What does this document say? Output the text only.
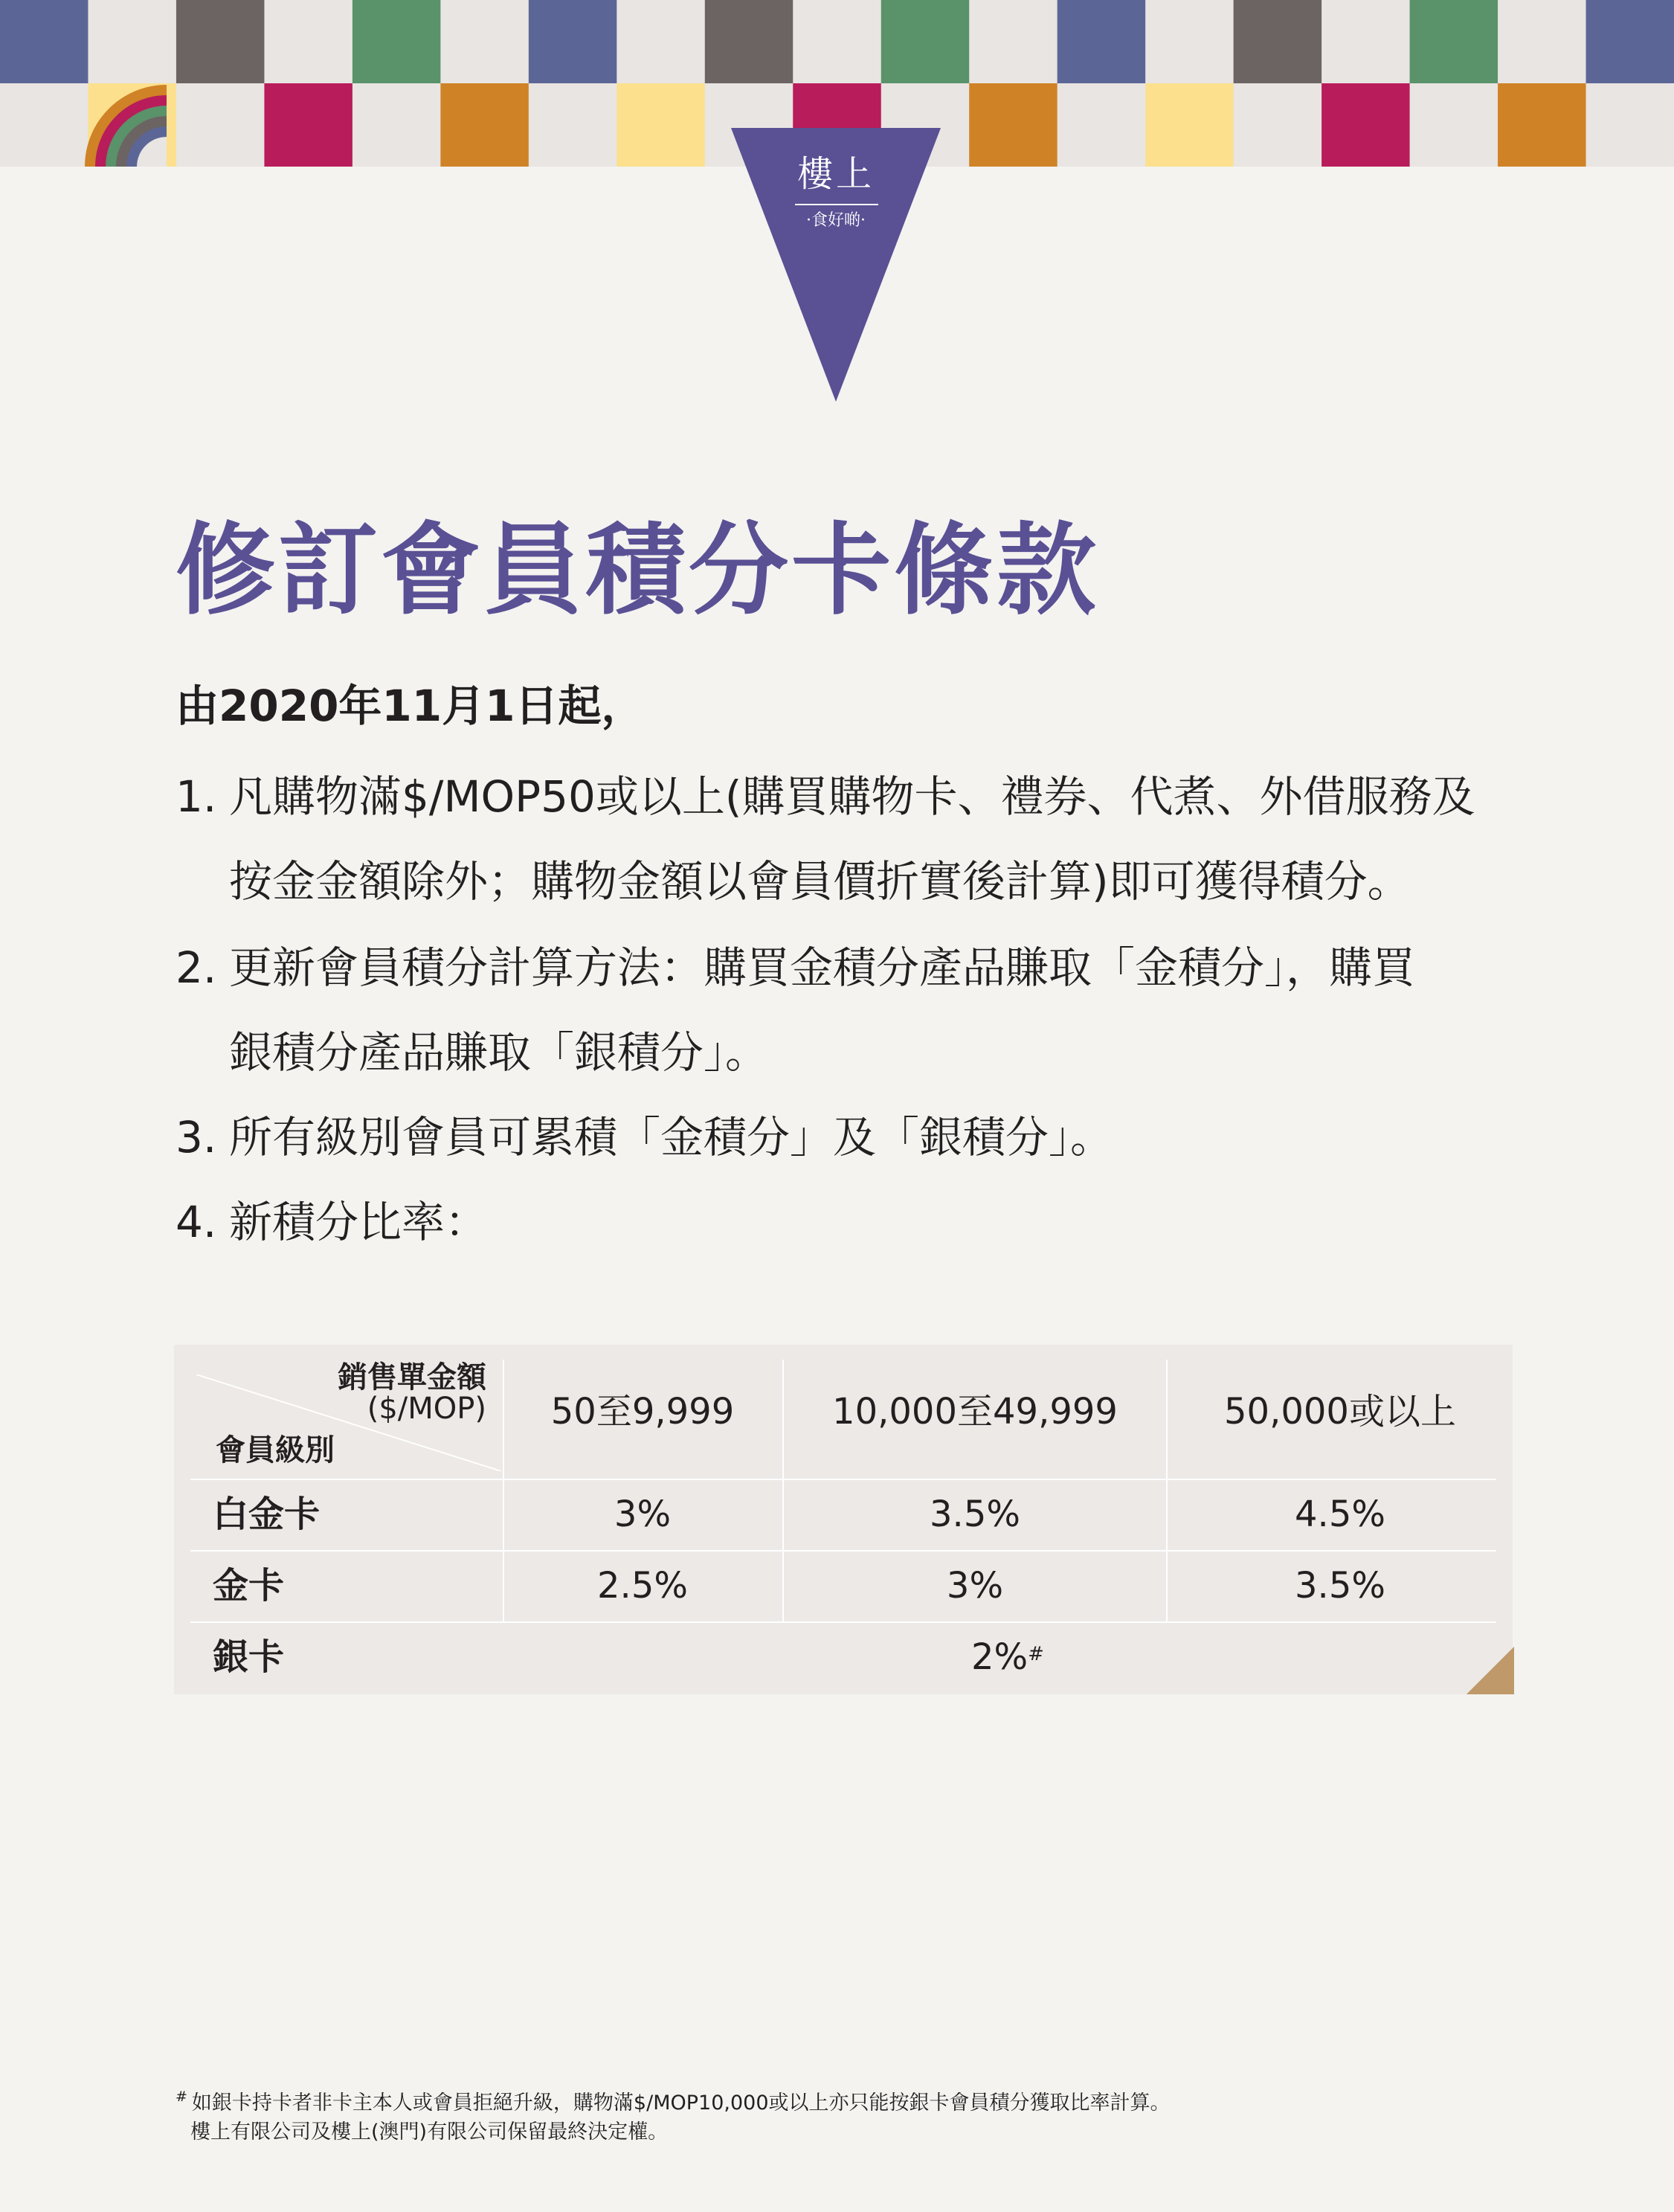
樓上
·食好啲·
修訂會員積分卡條款
由2020年11月1日起，
1. 凡購物滿$/MOP50或以上(購買購物卡、禮券、代煮、外借服務及
按金金額除外；購物金額以會員價折實後計算)即可獲得積分。
2. 更新會員積分計算方法：購買金積分產品賺取「金積分」，購買
銀積分產品賺取「銀積分」。
3. 所有級別會員可累積「金積分」及「銀積分」。
4. 新積分比率：
銷售單金額
($/MOP)
會員級別
50至9,999	10,000至49,999	50,000或以上
白金卡	3%	3.5%	4.5%
金卡	2.5%	3%	3.5%
銀卡	2%#
# 如銀卡持卡者非卡主本人或會員拒絕升級，購物滿$/MOP10,000或以上亦只能按銀卡會員積分獲取比率計算。
樓上有限公司及樓上(澳門)有限公司保留最終決定權。
